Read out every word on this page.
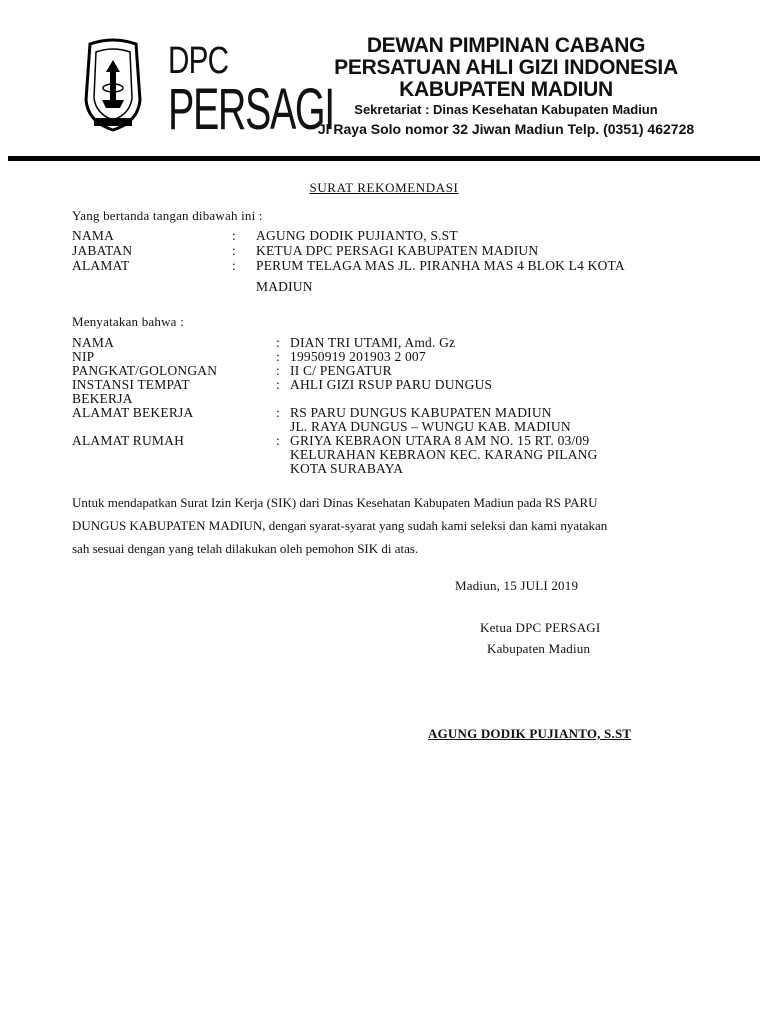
DPC
PERSAGI
DEWAN PIMPINAN CABANG
PERSATUAN AHLI GIZI INDONESIA
KABUPATEN MADIUN
Sekretariat : Dinas Kesehatan Kabupaten Madiun
Jl Raya Solo nomor 32 Jiwan Madiun Telp. (0351) 462728
SURAT REKOMENDASI
Yang bertanda tangan dibawah ini :
NAMA	: AGUNG DODIK PUJIANTO, S.ST
JABATAN	: KETUA DPC PERSAGI KABUPATEN MADIUN
ALAMAT	: PERUM TELAGA MAS JL. PIRANHA MAS 4 BLOK L4 KOTA
MADIUN
Menyatakan bahwa :
NAMA	: DIAN TRI UTAMI, Amd. Gz
NIP	: 19950919 201903 2 007
PANGKAT/GOLONGAN	: II C/ PENGATUR
INSTANSI TEMPAT
BEKERJA
: AHLI GIZI RSUP PARU DUNGUS
ALAMAT BEKERJA	: RS PARU DUNGUS KABUPATEN MADIUN
JL. RAYA DUNGUS – WUNGU KAB. MADIUN
ALAMAT RUMAH	: GRIYA KEBRAON UTARA 8 AM NO. 15 RT. 03/09
KELURAHAN KEBRAON KEC. KARANG PILANG
KOTA SURABAYA
Untuk mendapatkan Surat Izin Kerja (SIK) dari Dinas Kesehatan Kabupaten Madiun pada RS PARU
DUNGUS KABUPATEN MADIUN, dengan syarat-syarat yang sudah kami seleksi dan kami nyatakan
sah sesuai dengan yang telah dilakukan oleh pemohon SIK di atas.
Madiun, 15 JULI 2019
Ketua DPC PERSAGI
Kabupaten Madiun
AGUNG DODIK PUJIANTO, S.ST
